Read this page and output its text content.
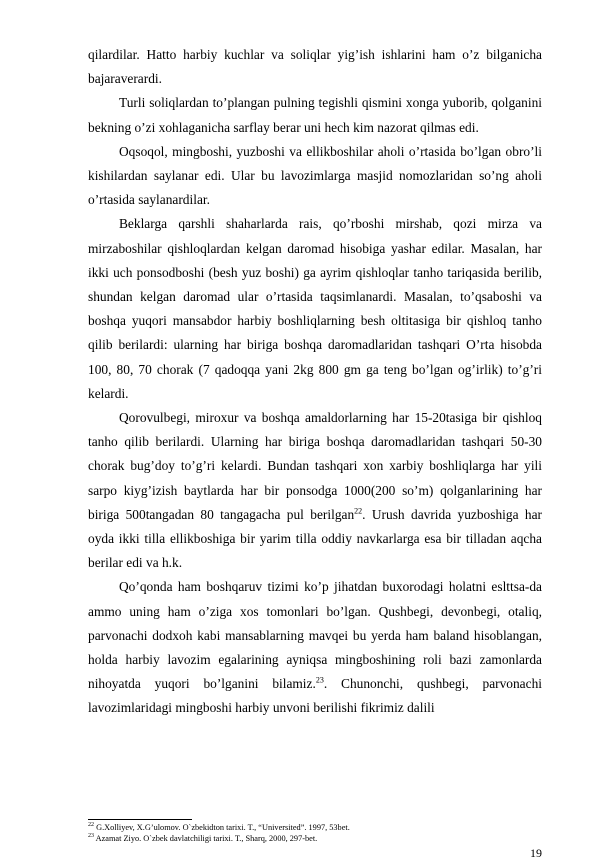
qilardilar. Hatto harbiy kuchlar va soliqlar yig’ish ishlarini ham o’z bilganicha bajaraverardi.

Turli soliqlardan to’plangan pulning tegishli qismini xonga yuborib, qolganini bekning o’zi xohlaganicha sarflay berar uni hech kim nazorat qilmas edi.

Oqsoqol, mingboshi, yuzboshi va ellikboshilar aholi o’rtasida bo’lgan obro’li kishilardan saylanar edi. Ular bu lavozimlarga masjid nomozlaridan so’ng aholi o’rtasida saylanardilar.

Beklarga qarshli shaharlarda rais, qo’rboshi mirshab, qozi mirza va mirzaboshilar qishloqlardan kelgan daromad hisobiga yashar edilar. Masalan, har ikki uch ponsodboshi (besh yuz boshi) ga ayrim qishloqlar tanho tariqasida berilib, shundan kelgan daromad ular o’rtasida taqsimlanardi. Masalan, to’qsaboshi va boshqa yuqori mansabdor harbiy boshliqlarning besh oltitasiga bir qishloq tanho qilib berilardi: ularning har biriga boshqa daromadlaridan tashqari O’rta hisobda 100, 80, 70 chorak (7 qadoqqa yani 2kg 800 gm ga teng bo’lgan og’irlik) to’g’ri kelardi.

Qorovulbegi, miroxur va boshqa amaldorlarning har 15-20tasiga bir qishloq tanho qilib berilardi. Ularning har biriga boshqa daromadlaridan tashqari 50-30 chorak bug’doy to’g’ri kelardi. Bundan tashqari xon xarbiy boshliqlarga har yili sarpo kiyg’izish baytlarda har bir ponsodga 1000(200 so’m) qolganlarining har biriga 500tangadan 80 tangagacha pul berilgan$^{22}$. Urush davrida yuzboshiga har oyda ikki tilla ellikboshiga bir yarim tilla oddiy navkarlarga esa bir tilladan aqcha berilar edi va h.k.

Qo’qonda ham boshqaruv tizimi ko’p jihatdan buxorodagi holatni eslttsa-da ammo uning ham o’ziga xos tomonlari bo’lgan. Qushbegi, devonbegi, otaliq, parvonachi dodxoh kabi mansablarning mavqei bu yerda ham baland hisoblangan, holda harbiy lavozim egalarining ayniqsa mingboshining roli bazi zamonlarda nihoyatda yuqori bo’lganini bilamiz.$^{23}$. Chunonchi, qushbegi, parvonachi lavozimlaridagi mingboshi harbiy unvoni berilishi fikrimiz dalili

$^{22}$ G.Xolliyev, X.G’ulomov. O`zbekidton tarixi. T., “Universited”. 1997, 53bet.
$^{23}$ Azamat Ziyo. O`zbek davlatchiligi tarixi. T., Sharq, 2000, 297-bet.
19
